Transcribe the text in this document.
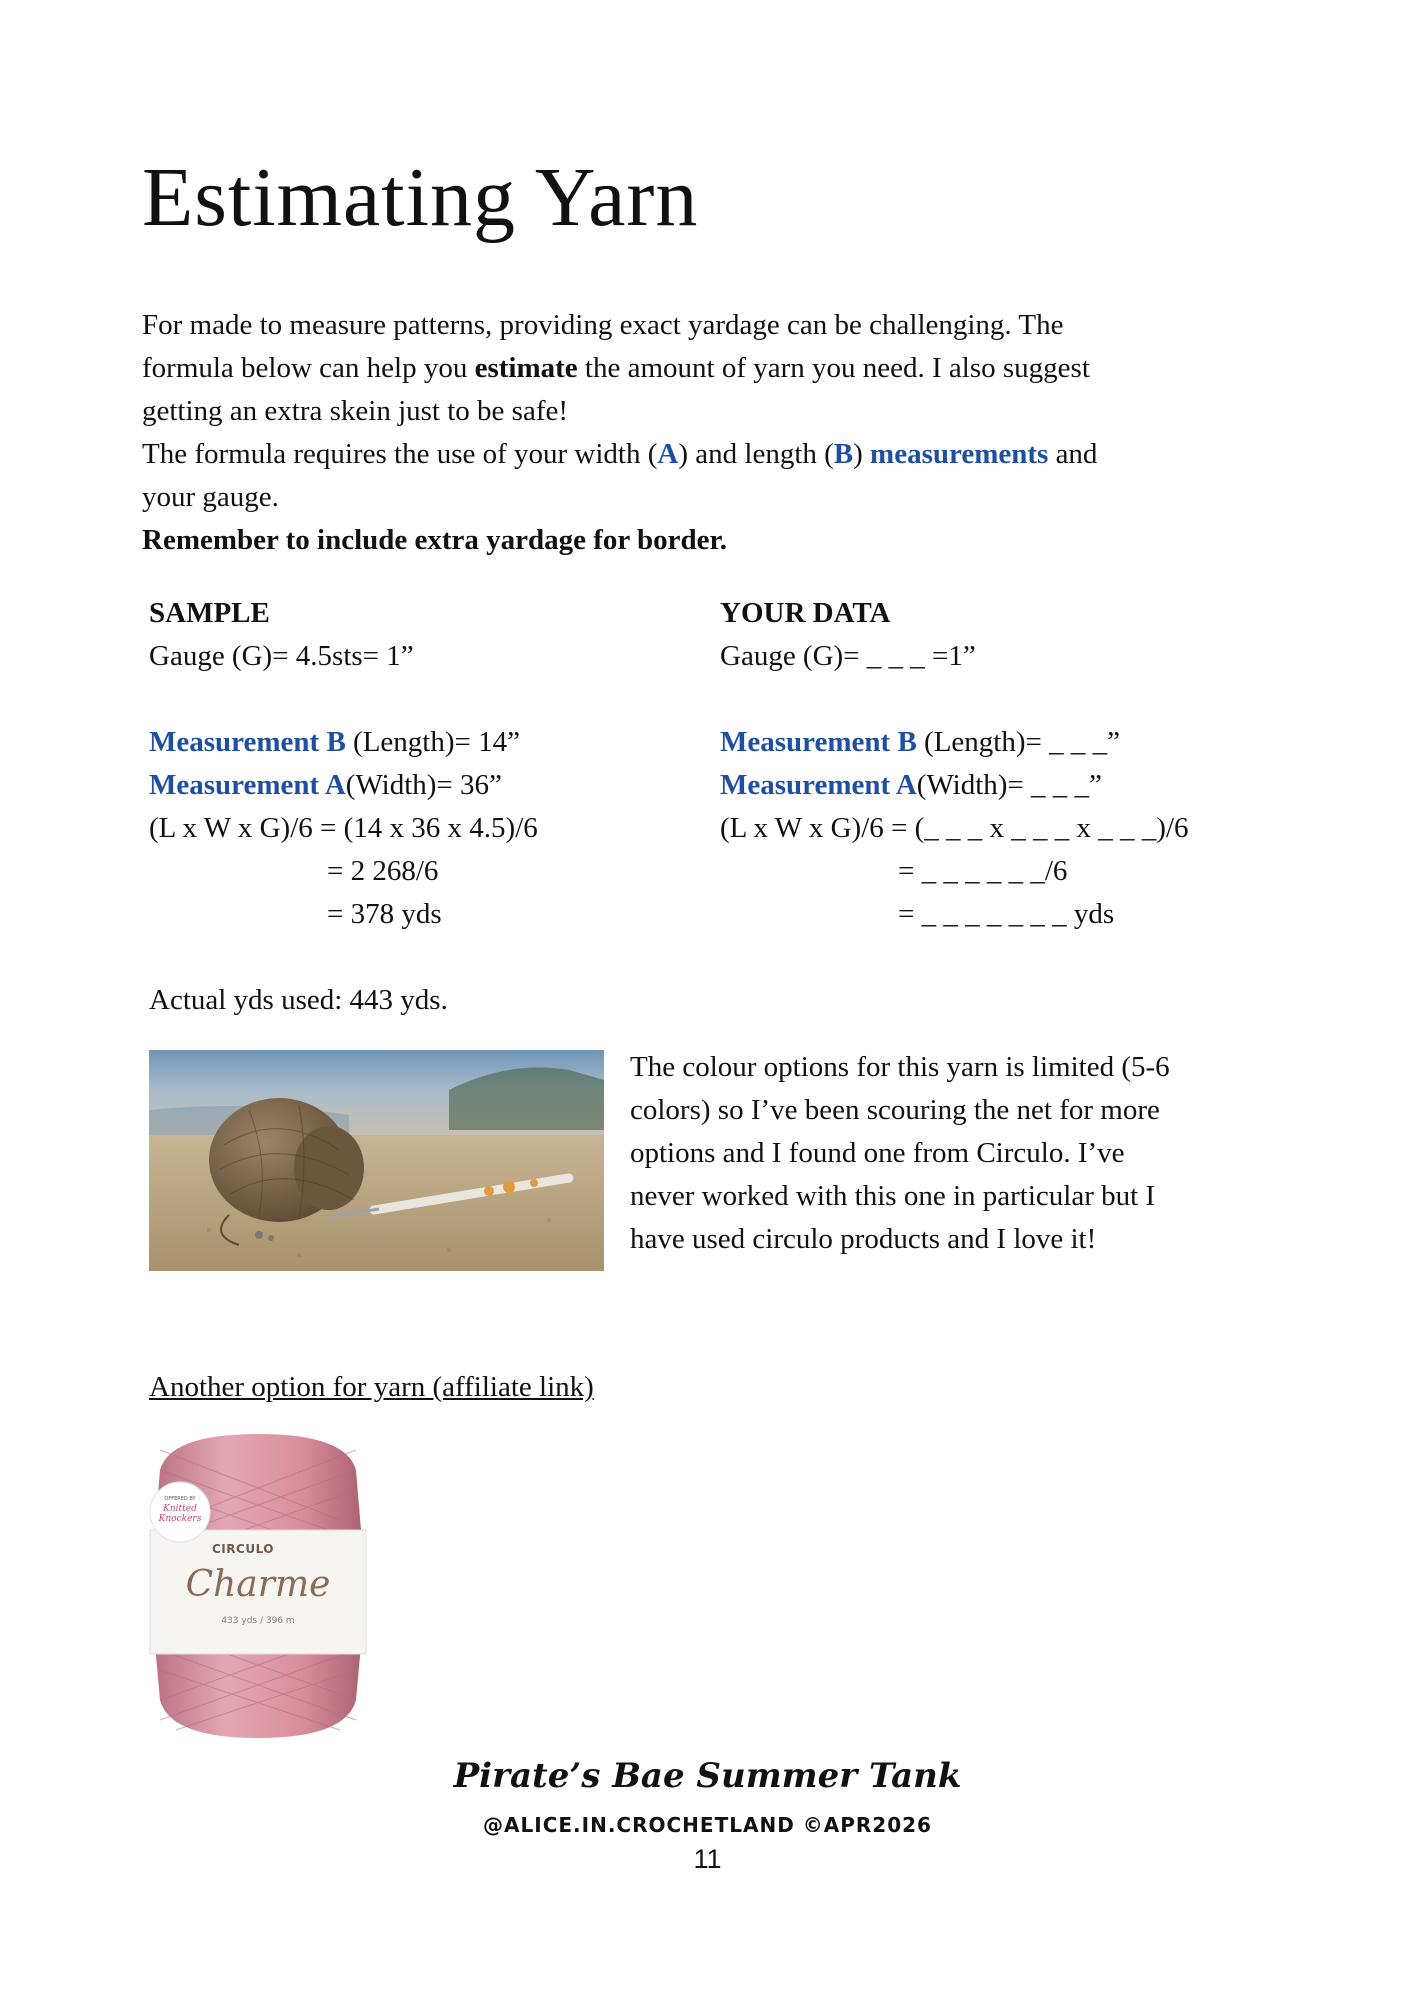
Estimating Yarn

For made to measure patterns, providing exact yardage can be challenging. The

formula below can help you estimate the amount of yarn you need. I also suggest

getting an extra skein just to be safe!

The formula requires the use of your width (A) and length (B) measurements and

your gauge.

Remember to include extra yardage for border.

SAMPLE
Gauge (G)= 4.5sts= 1”
Measurement B (Length)= 14”
Measurement A(Width)= 36”
(L x W x G)/6 = (14 x 36 x 4.5)/6
= 2 268/6
= 378 yds
YOUR DATA
Gauge (G)= _ _ _ =1”
Measurement B (Length)= _ _ _”
Measurement A(Width)= _ _ _”
(L x W x G)/6 = (_ _ _ x _ _ _ x _ _ _)/6
= _ _ _ _ _ _/6
= _ _ _ _ _ _ _ yds
Actual yds used: 443 yds.
The colour options for this yarn is limited (5-6
colors) so I’ve been scouring the net for more
options and I found one from Circulo. I’ve
never worked with this one in particular but I
have used circulo products and I love it!
Another option for yarn (affiliate link)
OFFERED BY
Knitted Knockers
CIRCULO
Charme
433 yds / 396 m
Pirate’s Bae Summer Tank
@ALICE.IN.CROCHETLAND ©APR2026
11
